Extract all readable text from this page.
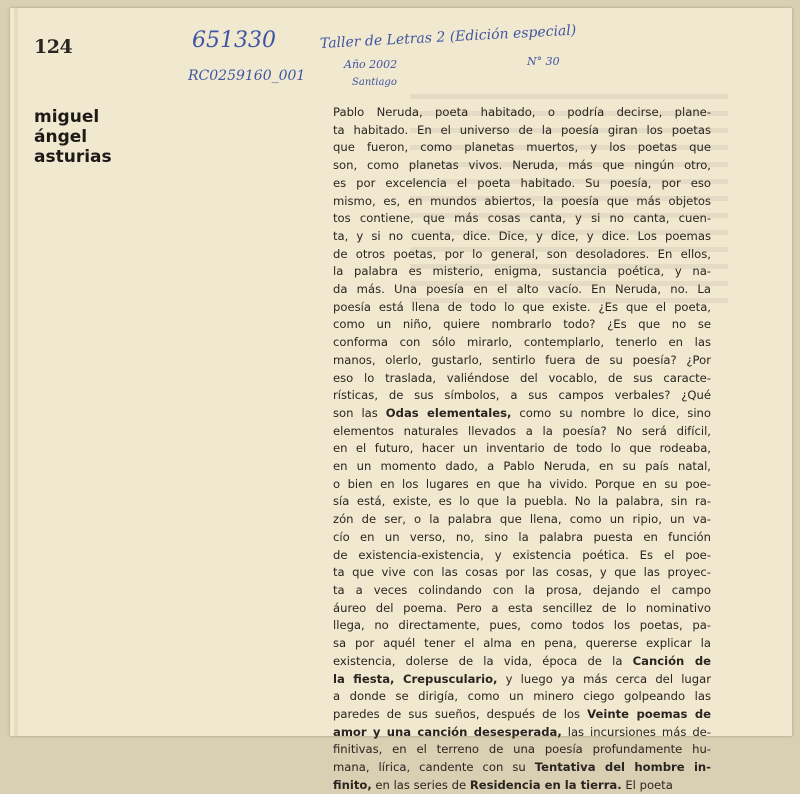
124	651330	Taller de Letras 2 (Edición especial)
N° 30
RC0259160_001
Año 2002
Santiago
miguel
ángel
asturias
Pablo Neruda, poeta habitado, o podría decirse, plane-
ta habitado. En el universo de la poesía giran los poetas
que fueron, como planetas muertos, y los poetas que
son, como planetas vivos. Neruda, más que ningún otro,
es por excelencia el poeta habitado. Su poesía, por eso
mismo, es, en mundos abiertos, la poesía que más objetos
tos contiene, que más cosas canta, y si no canta, cuen-
ta, y si no cuenta, dice. Dice, y dice, y dice. Los poemas
de otros poetas, por lo general, son desoladores. En ellos,
la palabra es misterio, enigma, sustancia poética, y na-
da más. Una poesía en el alto vacío. En Neruda, no. La
poesía está llena de todo lo que existe. ¿Es que el poeta,
como un niño, quiere nombrarlo todo? ¿Es que no se
conforma con sólo mirarlo, contemplarlo, tenerlo en las
manos, olerlo, gustarlo, sentirlo fuera de su poesía? ¿Por
eso lo traslada, valiéndose del vocablo, de sus caracte-
rísticas, de sus símbolos, a sus campos verbales? ¿Qué
son las Odas elementales, como su nombre lo dice, sino
elementos naturales llevados a la poesía? No será difícil,
en el futuro, hacer un inventario de todo lo que rodeaba,
en un momento dado, a Pablo Neruda, en su país natal,
o bien en los lugares en que ha vivido. Porque en su poe-
sía está, existe, es lo que la puebla. No la palabra, sin ra-
zón de ser, o la palabra que llena, como un ripio, un va-
cío en un verso, no, sino la palabra puesta en función
de existencia-existencia, y existencia poética. Es el poe-
ta que vive con las cosas por las cosas, y que las proyec-
ta a veces colindando con la prosa, dejando el campo
áureo del poema. Pero a esta sencillez de lo nominativo
llega, no directamente, pues, como todos los poetas, pa-
sa por aquél tener el alma en pena, quererse explicar la
existencia, dolerse de la vida, época de la Canción de
la fiesta, Crepusculario, y luego ya más cerca del lugar
a donde se dirigía, como un minero ciego golpeando las
paredes de sus sueños, después de los Veinte poemas de
amor y una canción desesperada, las incursiones más de-
finitivas, en el terreno de una poesía profundamente hu-
mana, lírica, candente con su Tentativa del hombre in-
finito, en las series de Residencia en la tierra. El poeta
